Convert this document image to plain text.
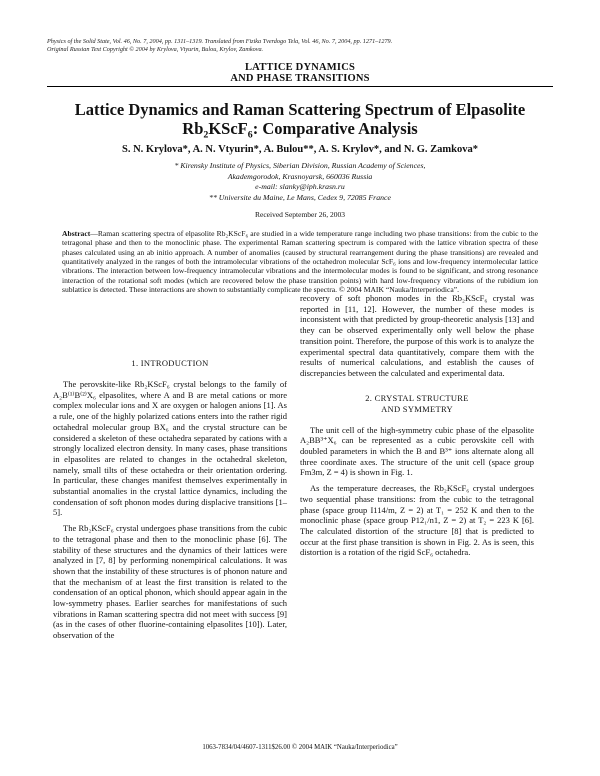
Physics of the Solid State, Vol. 46, No. 7, 2004, pp. 1311–1319. Translated from Fizika Tverdogo Tela, Vol. 46, No. 7, 2004, pp. 1271–1279.
Original Russian Text Copyright © 2004 by Krylova, Vtyurin, Bulou, Krylov, Zamkova.
LATTICE DYNAMICS
AND PHASE TRANSITIONS
Lattice Dynamics and Raman Scattering Spectrum of Elpasolite
Rb₂KScF₆: Comparative Analysis
S. N. Krylova*, A. N. Vtyurin*, A. Bulou**, A. S. Krylov*, and N. G. Zamkova*
* Kirensky Institute of Physics, Siberian Division, Russian Academy of Sciences,
Akademgorodok, Krasnoyarsk, 660036 Russia
e-mail: slanky@iph.krasn.ru
** Universite du Maine, Le Mans, Cedex 9, 72085 France
Received September 26, 2003
Abstract—Raman scattering spectra of elpasolite Rb₂KScF₆ are studied in a wide temperature range including two phase transitions: from the cubic to the tetragonal phase and then to the monoclinic phase. The experimental Raman scattering spectrum is compared with the lattice vibration spectra of these phases calculated using an ab initio approach. A number of anomalies (caused by structural rearrangement during the phase transitions) are revealed and quantitatively analyzed in the ranges of both the intramolecular vibrations of the octahedron molecular ScF₆ ions and low-frequency intermolecular lattice vibrations. The interaction between low-frequency intramolecular vibrations and the intermolecular modes is found to be significant, and strong resonance interaction of the rotational soft modes (which are recovered below the phase transition points) with hard low-frequency vibrations of the rubidium ion sublattice is detected. These interactions are shown to substantially complicate the spectra. © 2004 MAIK “Nauka/Interperiodica”.
1. INTRODUCTION

The perovskite-like Rb₂KScF₆ crystal belongs to the family of A₂B⁽¹⁾B⁽²⁾X₆ elpasolites, where A and B are metal cations or more complex molecular ions and X are oxygen or halogen anions [1]. As a rule, one of the highly polarized cations enters into the rather rigid octahedral molecular group BX₆ and the crystal structure can be considered a skeleton of these octahedra separated by cations with a strongly localized electron density. In many cases, phase transitions in elpasolites are related to changes in the octahedral skeleton, namely, small tilts of these octahedra or their orientation ordering. In particular, these changes manifest themselves experimentally in substantial anomalies in the crystal lattice dynamics, including the condensation of soft phonon modes during displacive transitions [1–5].

The Rb₂KScF₆ crystal undergoes phase transitions from the cubic to the tetragonal phase and then to the monoclinic phase [6]. The stability of these structures and the dynamics of their lattices were analyzed in [7, 8] by performing nonempirical calculations. It was shown that the instability of these structures is of phonon nature and that the mechanism of at least the first transition is related to the condensation of an optical phonon, which should appear again in the low-symmetry phases. Earlier searches for manifestations of such vibrations in Raman scattering spectra did not meet with success [9] (as in the cases of other fluorine-containing elpasolites [10]). Later, observation of the

recovery of soft phonon modes in the Rb₂KScF₆ crystal was reported in [11, 12]. However, the number of these modes is inconsistent with that predicted by group-theoretic analysis [13] and they can be observed experimentally only well below the phase transition point. Therefore, the purpose of this work is to analyze the experimental spectral data quantitatively, compare them with the results of numerical calculations, and establish the causes of discrepancies between the calculated and experimental data.

2. CRYSTAL STRUCTURE
AND SYMMETRY

The unit cell of the high-symmetry cubic phase of the elpasolite A₂BB³⁺X₆ can be represented as a cubic perovskite cell with doubled parameters in which the B and B³⁺ ions alternate along all three coordinate axes. The structure of the unit cell (space group Fm3m, Z = 4) is shown in Fig. 1.

As the temperature decreases, the Rb₂KScF₆ crystal undergoes two sequential phase transitions: from the cubic to the tetragonal phase (space group I114/m, Z = 2) at T₁ = 252 K and then to the monoclinic phase (space group P12₁/n1, Z = 2) at T₂ = 223 K [6]. The calculated distortion of the structure [8] that is predicted to occur at the first phase transition is shown in Fig. 2. As is seen, this distortion is a rotation of the rigid ScF₆ octahedra.

1063-7834/04/4607-1311$26.00 © 2004 MAIK “Nauka/Interperiodica”
